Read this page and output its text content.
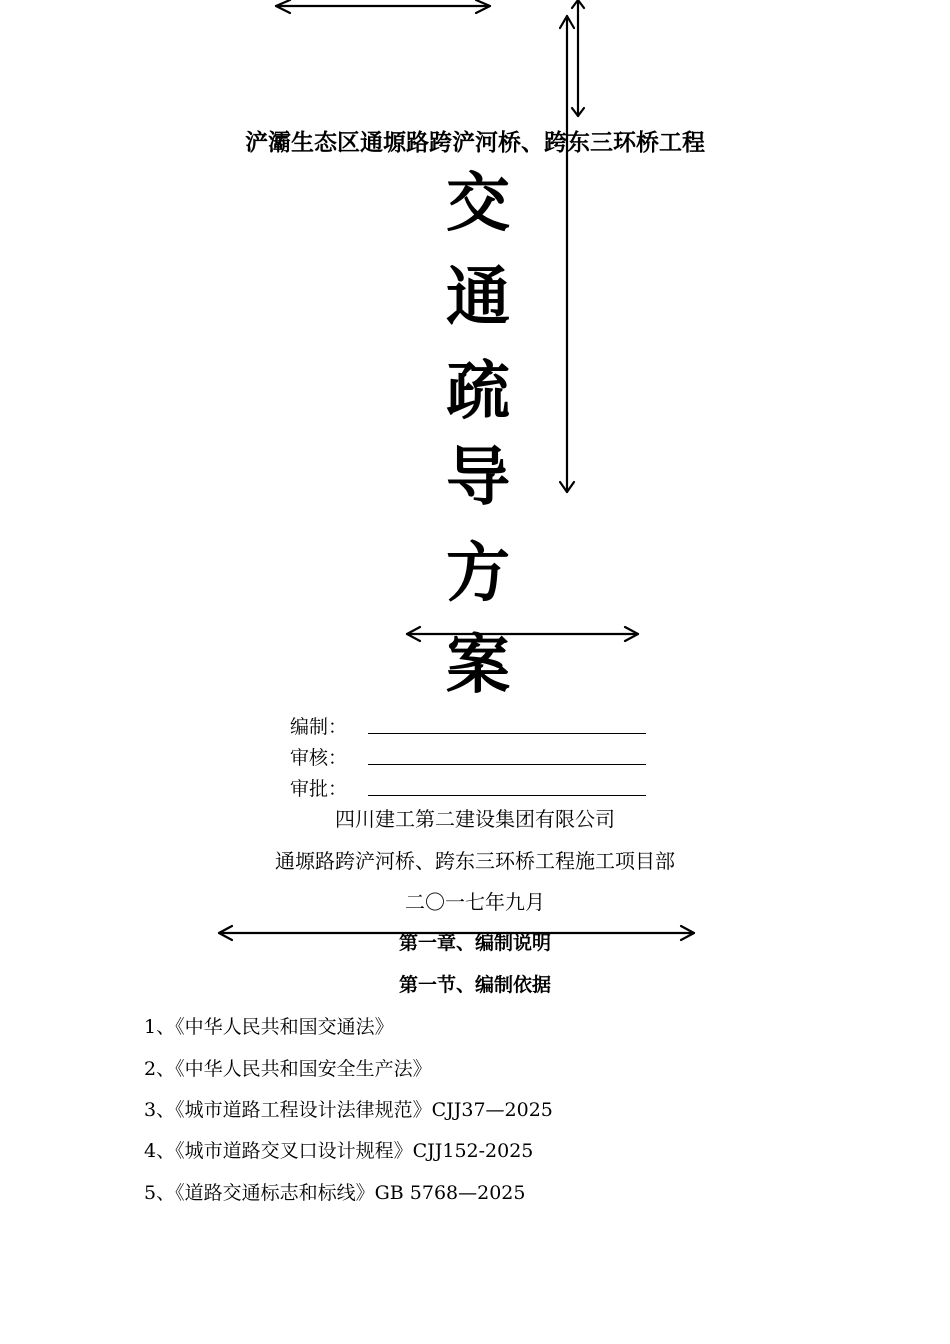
浐灞生态区通塬路跨浐河桥、跨东三环桥工程
交
通
疏
导
方
案
编制：
审核：
审批：
四川建工第二建设集团有限公司
通塬路跨浐河桥、跨东三环桥工程施工项目部
二〇一七年九月
第一章、编制说明
第一节、编制依据
1、《中华人民共和国交通法》
2、《中华人民共和国安全生产法》
3、《城市道路工程设计法律规范》CJJ37—2025
4、《城市道路交叉口设计规程》CJJ152-2025
5、《道路交通标志和标线》GB 5768—2025
